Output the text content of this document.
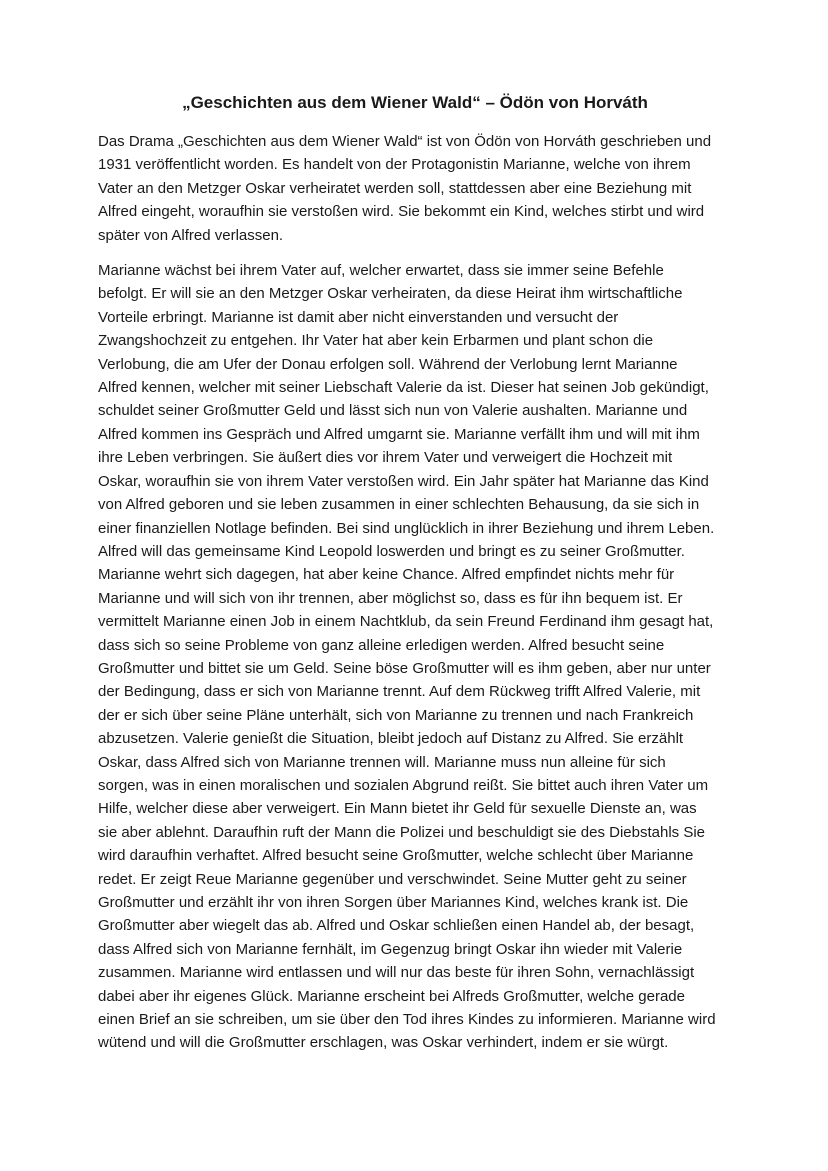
„Geschichten aus dem Wiener Wald“ – Ödön von Horváth

Das Drama „Geschichten aus dem Wiener Wald“ ist von Ödön von Horváth geschrieben und
1931 veröffentlicht worden. Es handelt von der Protagonistin Marianne, welche von ihrem
Vater an den Metzger Oskar verheiratet werden soll, stattdessen aber eine Beziehung mit
Alfred eingeht, woraufhin sie verstoßen wird. Sie bekommt ein Kind, welches stirbt und wird
später von Alfred verlassen.

Marianne wächst bei ihrem Vater auf, welcher erwartet, dass sie immer seine Befehle
befolgt. Er will sie an den Metzger Oskar verheiraten, da diese Heirat ihm wirtschaftliche
Vorteile erbringt. Marianne ist damit aber nicht einverstanden und versucht der
Zwangshochzeit zu entgehen. Ihr Vater hat aber kein Erbarmen und plant schon die
Verlobung, die am Ufer der Donau erfolgen soll. Während der Verlobung lernt Marianne
Alfred kennen, welcher mit seiner Liebschaft Valerie da ist. Dieser hat seinen Job gekündigt,
schuldet seiner Großmutter Geld und lässt sich nun von Valerie aushalten. Marianne und
Alfred kommen ins Gespräch und Alfred umgarnt sie. Marianne verfällt ihm und will mit ihm
ihre Leben verbringen. Sie äußert dies vor ihrem Vater und verweigert die Hochzeit mit
Oskar, woraufhin sie von ihrem Vater verstoßen wird. Ein Jahr später hat Marianne das Kind
von Alfred geboren und sie leben zusammen in einer schlechten Behausung, da sie sich in
einer finanziellen Notlage befinden. Bei sind unglücklich in ihrer Beziehung und ihrem Leben.
Alfred will das gemeinsame Kind Leopold loswerden und bringt es zu seiner Großmutter.
Marianne wehrt sich dagegen, hat aber keine Chance. Alfred empfindet nichts mehr für
Marianne und will sich von ihr trennen, aber möglichst so, dass es für ihn bequem ist. Er
vermittelt Marianne einen Job in einem Nachtklub, da sein Freund Ferdinand ihm gesagt hat,
dass sich so seine Probleme von ganz alleine erledigen werden. Alfred besucht seine
Großmutter und bittet sie um Geld. Seine böse Großmutter will es ihm geben, aber nur unter
der Bedingung, dass er sich von Marianne trennt. Auf dem Rückweg trifft Alfred Valerie, mit
der er sich über seine Pläne unterhält, sich von Marianne zu trennen und nach Frankreich
abzusetzen. Valerie genießt die Situation, bleibt jedoch auf Distanz zu Alfred. Sie erzählt
Oskar, dass Alfred sich von Marianne trennen will. Marianne muss nun alleine für sich
sorgen, was in einen moralischen und sozialen Abgrund reißt. Sie bittet auch ihren Vater um
Hilfe, welcher diese aber verweigert. Ein Mann bietet ihr Geld für sexuelle Dienste an, was
sie aber ablehnt. Daraufhin ruft der Mann die Polizei und beschuldigt sie des Diebstahls Sie
wird daraufhin verhaftet. Alfred besucht seine Großmutter, welche schlecht über Marianne
redet. Er zeigt Reue Marianne gegenüber und verschwindet. Seine Mutter geht zu seiner
Großmutter und erzählt ihr von ihren Sorgen über Mariannes Kind, welches krank ist. Die
Großmutter aber wiegelt das ab. Alfred und Oskar schließen einen Handel ab, der besagt,
dass Alfred sich von Marianne fernhält, im Gegenzug bringt Oskar ihn wieder mit Valerie
zusammen. Marianne wird entlassen und will nur das beste für ihren Sohn, vernachlässigt
dabei aber ihr eigenes Glück. Marianne erscheint bei Alfreds Großmutter, welche gerade
einen Brief an sie schreiben, um sie über den Tod ihres Kindes zu informieren. Marianne wird
wütend und will die Großmutter erschlagen, was Oskar verhindert, indem er sie würgt.
